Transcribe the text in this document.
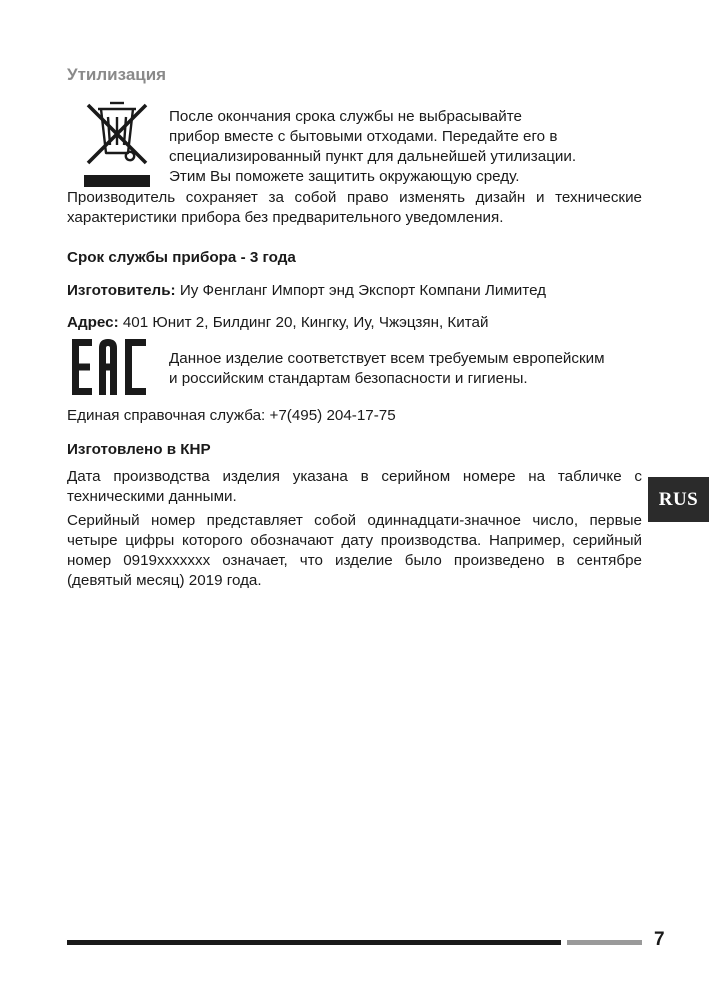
Утилизация
После окончания срока службы не выбрасывайте
прибор вместе с бытовыми отходами. Передайте его в
специализированный пункт для дальнейшей утилизации.
Этим Вы поможете защитить окружающую среду.
Производитель сохраняет за собой право изменять дизайн и технические характеристики прибора без предварительного уведомления.
Срок службы прибора - 3 года
Изготовитель: Иу Фенгланг Импорт энд Экспорт Компани Лимитед
Адрес: 401 Юнит 2, Билдинг 20, Кингку, Иу, Чжэцзян, Китай
Данное изделие соответствует всем требуемым европейским
и российским стандартам безопасности и гигиены.
Единая справочная служба: +7(495) 204-17-75
Изготовлено в КНР
Дата производства изделия указана в серийном номере на табличке с техническими данными.
Серийный номер представляет собой одиннадцати-значное число, первые четыре цифры которого обозначают дату производства. Например, серийный номер 0919xxxxxxx означает, что изделие было произведено в сентябре (девятый месяц) 2019 года.
RUS
7
